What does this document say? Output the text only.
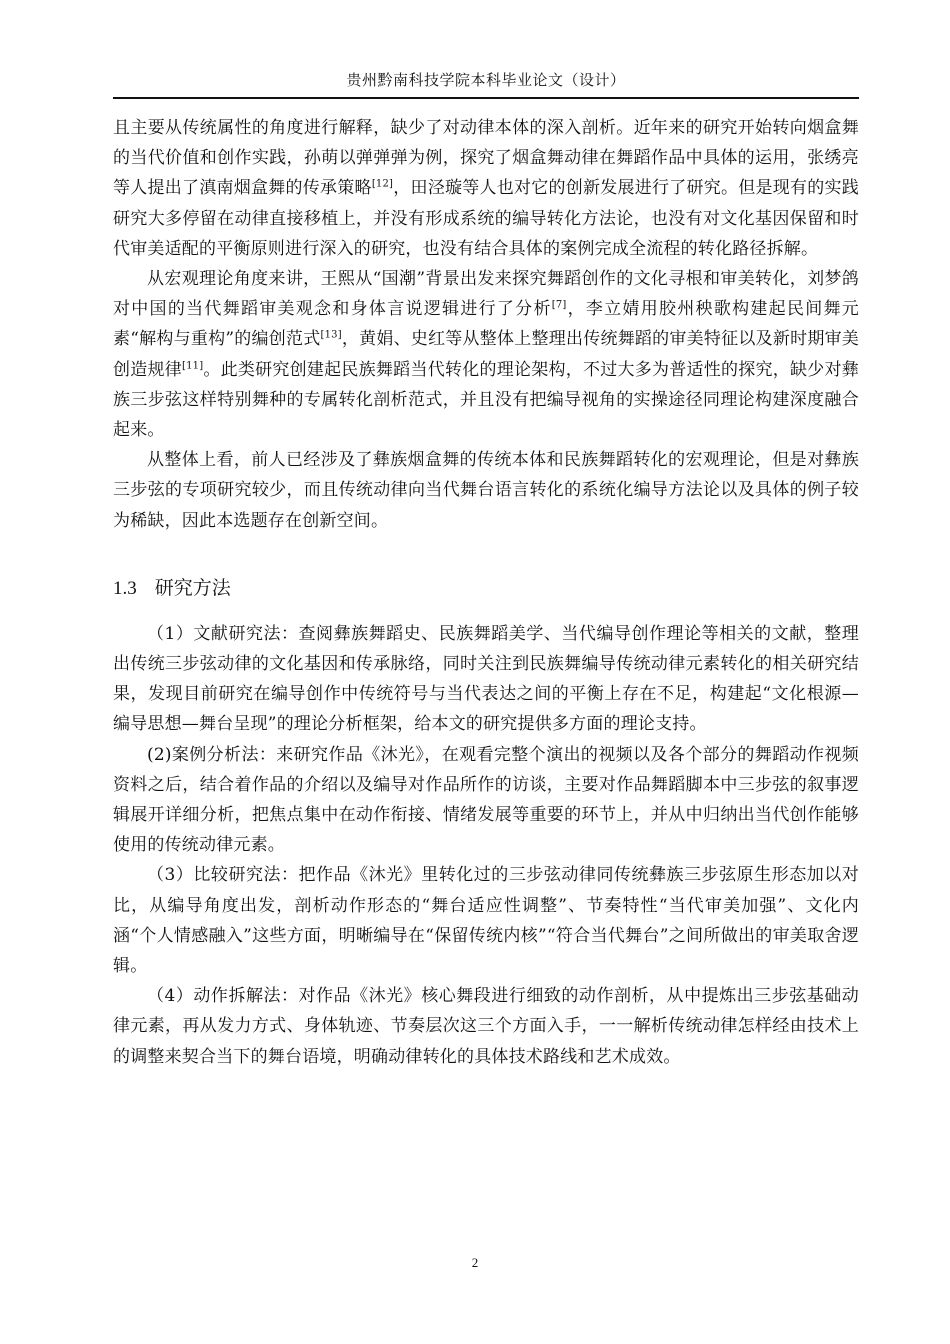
贵州黔南科技学院本科毕业论文（设计）

且主要从传统属性的角度进行解释，缺少了对动律本体的深入剖析。近年来的研究开始转向烟盒舞的当代价值和创作实践，孙萌以弹弹弹为例，探究了烟盒舞动律在舞蹈作品中具体的运用，张绣亮等人提出了滇南烟盒舞的传承策略[12]，田泾璇等人也对它的创新发展进行了研究。但是现有的实践研究大多停留在动律直接移植上，并没有形成系统的编导转化方法论，也没有对文化基因保留和时代审美适配的平衡原则进行深入的研究，也没有结合具体的案例完成全流程的转化路径拆解。

从宏观理论角度来讲，王熙从“国潮”背景出发来探究舞蹈创作的文化寻根和审美转化，刘梦鸽对中国的当代舞蹈审美观念和身体言说逻辑进行了分析[7]，李立婧用胶州秧歌构建起民间舞元素“解构与重构”的编创范式[13]，黄娟、史红等从整体上整理出传统舞蹈的审美特征以及新时期审美创造规律[11]。此类研究创建起民族舞蹈当代转化的理论架构，不过大多为普适性的探究，缺少对彝族三步弦这样特别舞种的专属转化剖析范式，并且没有把编导视角的实操途径同理论构建深度融合起来。

从整体上看，前人已经涉及了彝族烟盒舞的传统本体和民族舞蹈转化的宏观理论，但是对彝族三步弦的专项研究较少，而且传统动律向当代舞台语言转化的系统化编导方法论以及具体的例子较为稀缺，因此本选题存在创新空间。

1.3 研究方法

（1）文献研究法：查阅彝族舞蹈史、民族舞蹈美学、当代编导创作理论等相关的文献，整理出传统三步弦动律的文化基因和传承脉络，同时关注到民族舞编导传统动律元素转化的相关研究结果，发现目前研究在编导创作中传统符号与当代表达之间的平衡上存在不足，构建起“文化根源—编导思想—舞台呈现”的理论分析框架，给本文的研究提供多方面的理论支持。

(2)案例分析法：来研究作品《沐光》，在观看完整个演出的视频以及各个部分的舞蹈动作视频资料之后，结合着作品的介绍以及编导对作品所作的访谈，主要对作品舞蹈脚本中三步弦的叙事逻辑展开详细分析，把焦点集中在动作衔接、情绪发展等重要的环节上，并从中归纳出当代创作能够使用的传统动律元素。

（3）比较研究法：把作品《沐光》里转化过的三步弦动律同传统彝族三步弦原生形态加以对比，从编导角度出发，剖析动作形态的“舞台适应性调整”、节奏特性“当代审美加强”、文化内涵“个人情感融入”这些方面，明晰编导在“保留传统内核”“符合当代舞台”之间所做出的审美取舍逻辑。

（4）动作拆解法：对作品《沐光》核心舞段进行细致的动作剖析，从中提炼出三步弦基础动律元素，再从发力方式、身体轨迹、节奏层次这三个方面入手，一一解析传统动律怎样经由技术上的调整来契合当下的舞台语境，明确动律转化的具体技术路线和艺术成效。

2
